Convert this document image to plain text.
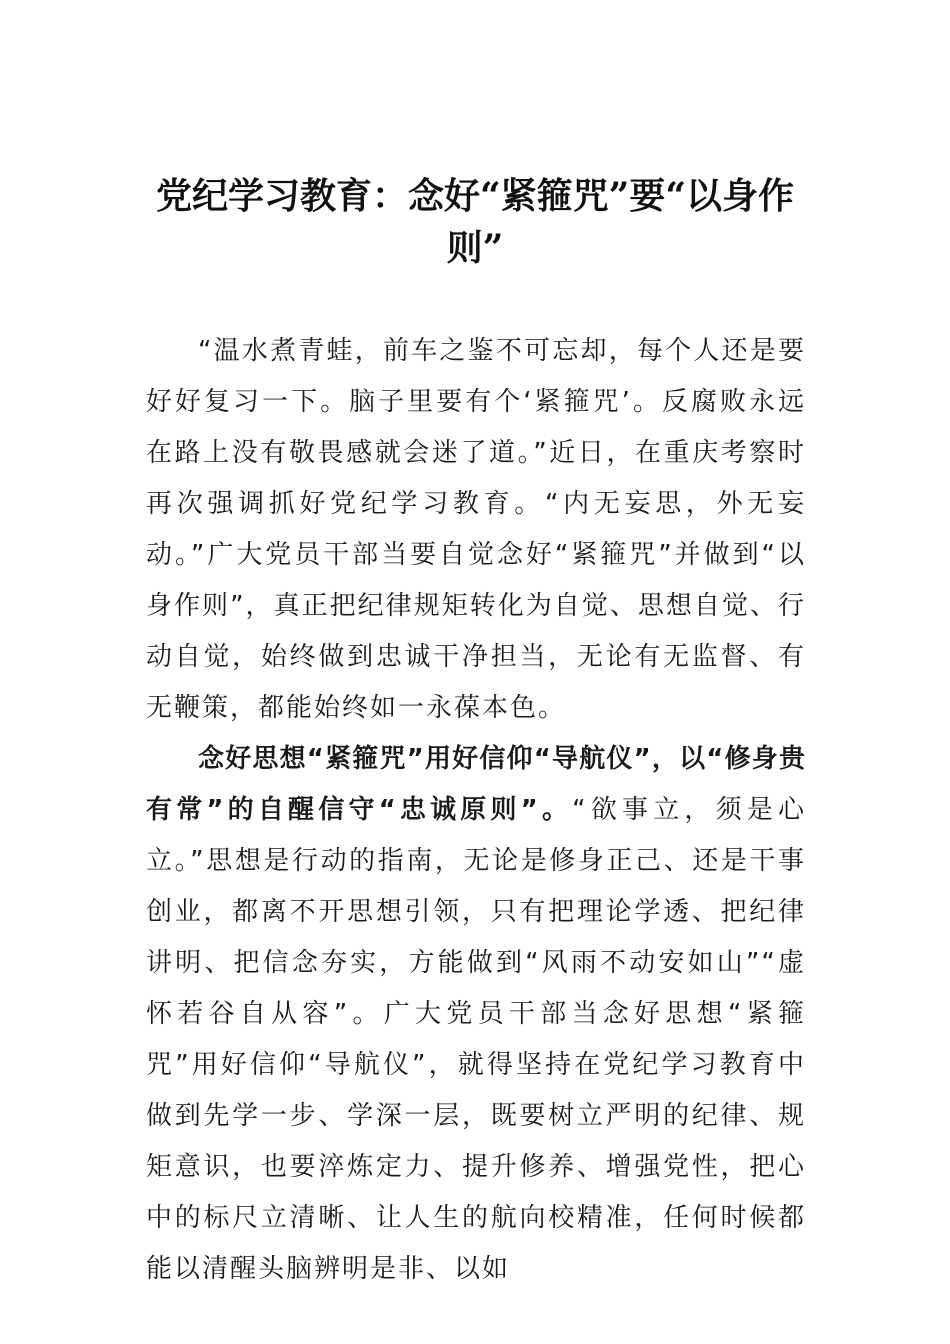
党纪学习教育：念好“紧箍咒”要“以身作则”

“温水煮青蛙，前车之鉴不可忘却，每个人还是要好好复习一下。脑子里要有个‘紧箍咒’。反腐败永远在路上没有敬畏感就会迷了道。”近日，在重庆考察时再次强调抓好党纪学习教育。“内无妄思，外无妄动。”广大党员干部当要自觉念好“紧箍咒”并做到“以身作则”，真正把纪律规矩转化为自觉、思想自觉、行动自觉，始终做到忠诚干净担当，无论有无监督、有无鞭策，都能始终如一永葆本色。

念好思想“紧箍咒”用好信仰“导航仪”，以“修身贵有常”的自醒信守“忠诚原则”。“欲事立，须是心立。”思想是行动的指南，无论是修身正己、还是干事创业，都离不开思想引领，只有把理论学透、把纪律讲明、把信念夯实，方能做到“风雨不动安如山”“虚怀若谷自从容”。广大党员干部当念好思想“紧箍咒”用好信仰“导航仪”，就得坚持在党纪学习教育中做到先学一步、学深一层，既要树立严明的纪律、规矩意识，也要淬炼定力、提升修养、增强党性，把心中的标尺立清晰、让人生的航向校精准，任何时候都能以清醒头脑辨明是非、以如
